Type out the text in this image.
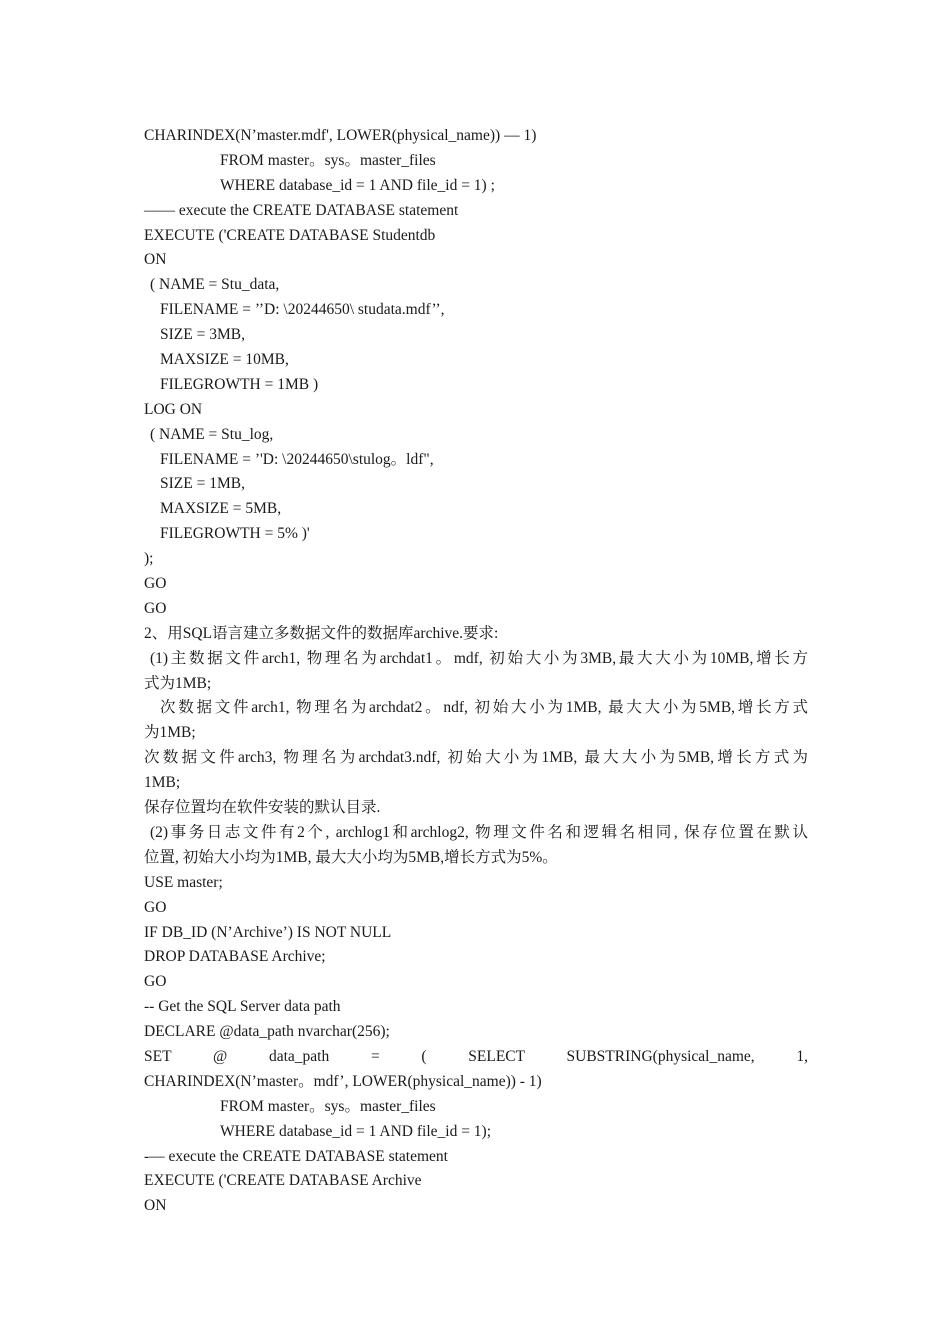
CHARINDEX(N’master.mdf', LOWER(physical_name)) — 1)
FROM master。sys。master_files
WHERE database_id = 1 AND file_id = 1) ;
—— execute the CREATE DATABASE statement
EXECUTE ('CREATE DATABASE Studentdb
ON
( NAME = Stu_data,
FILENAME = ’’D: \20244650\ studata.mdf’’,
SIZE = 3MB,
MAXSIZE = 10MB,
FILEGROWTH = 1MB )
LOG ON
( NAME = Stu_log,
FILENAME = ’'D: \20244650\stulog。ldf",
SIZE = 1MB,
MAXSIZE = 5MB,
FILEGROWTH = 5% )'
);
GO
GO
2、用SQL语言建立多数据文件的数据库archive.要求:
(1)主数据文件arch1, 物理名为archdat1。mdf, 初始大小为3MB,最大大小为10MB,增长方
式为1MB;
次数据文件arch1, 物理名为archdat2。ndf, 初始大小为1MB, 最大大小为5MB,增长方式
为1MB;
次数据文件arch3, 物理名为archdat3.ndf, 初始大小为1MB, 最大大小为5MB,增长方式为
1MB;
保存位置均在软件安装的默认目录.
(2)事务日志文件有2个, archlog1和archlog2, 物理文件名和逻辑名相同, 保存位置在默认
位置, 初始大小均为1MB, 最大大小均为5MB,增长方式为5%。
USE master;
GO
IF DB_ID (N’Archive’) IS NOT NULL
DROP DATABASE Archive;
GO
-- Get the SQL Server data path
DECLARE @data_path nvarchar(256);
SET @ data_path = ( SELECT SUBSTRING(physical_name, 1,
CHARINDEX(N’master。mdf’, LOWER(physical_name)) - 1)
FROM master。sys。master_files
WHERE database_id = 1 AND file_id = 1);
-— execute the CREATE DATABASE statement
EXECUTE ('CREATE DATABASE Archive
ON
